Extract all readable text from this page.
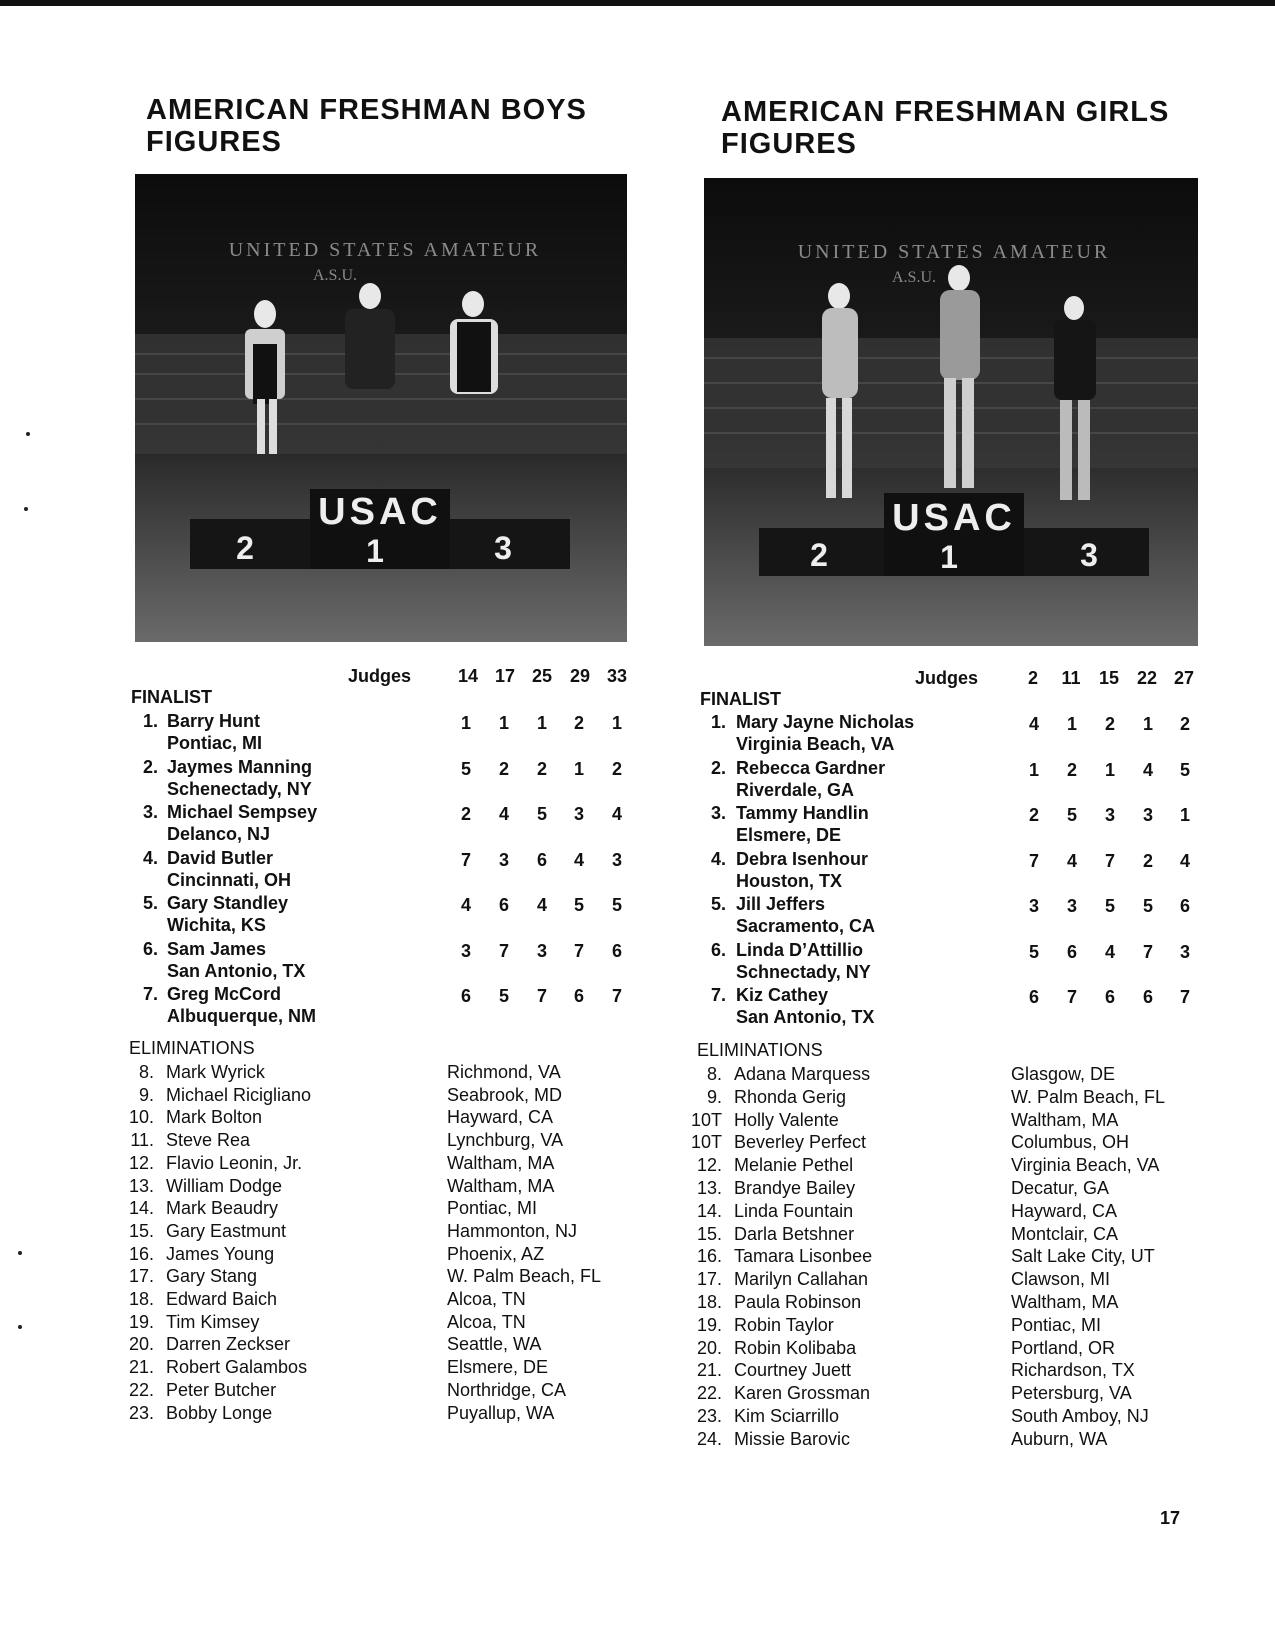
AMERICAN FRESHMAN BOYS
FIGURES
UNITED STATES AMATEUR
A.S.U.
USAC
2	1	3
Judges	14 17 25 29 33
FINALIST
1. Barry Hunt
Pontiac, MI
1	1	1	2	1
2. Jaymes Manning
Schenectady, NY
5	2	2	1	2
3. Michael Sempsey
Delanco, NJ
2	4	5	3	4
4. David Butler
Cincinnati, OH
7	3	6	4	3
5. Gary Standley
Wichita, KS
4	6	4	5	5
6. Sam James
San Antonio, TX
3	7	3	7	6
7. Greg McCord
Albuquerque, NM
6	5	7	6	7
ELIMINATIONS
8. Mark Wyrick	Richmond, VA
9. Michael Ricigliano	Seabrook, MD
10. Mark Bolton	Hayward, CA
11. Steve Rea	Lynchburg, VA
12. Flavio Leonin, Jr.	Waltham, MA
13. William Dodge	Waltham, MA
14. Mark Beaudry	Pontiac, MI
15. Gary Eastmunt	Hammonton, NJ
16. James Young	Phoenix, AZ
17. Gary Stang	W. Palm Beach, FL
18. Edward Baich	Alcoa, TN
19. Tim Kimsey	Alcoa, TN
20. Darren Zeckser	Seattle, WA
21. Robert Galambos	Elsmere, DE
22. Peter Butcher	Northridge, CA
23. Bobby Longe	Puyallup, WA
AMERICAN FRESHMAN GIRLS
FIGURES
UNITED STATES AMATEUR
A.S.U.
USAC
2	1	3
Judges	2	11	15 22 27
FINALIST
1. Mary Jayne Nicholas
Virginia Beach, VA
4	1	2	1	2
2. Rebecca Gardner
Riverdale, GA
1	2	1	4	5
3. Tammy Handlin
Elsmere, DE
2	5	3	3	1
4. Debra Isenhour
Houston, TX
7	4	7	2	4
5. Jill Jeffers
Sacramento, CA
3	3	5	5	6
6. Linda D’Attillio
Schnectady, NY
5	6	4	7	3
7. Kiz Cathey
San Antonio, TX
6	7	6	6	7
ELIMINATIONS
8. Adana Marquess	Glasgow, DE
9. Rhonda Gerig	W. Palm Beach, FL
10T Holly Valente	Waltham, MA
10T Beverley Perfect	Columbus, OH
12. Melanie Pethel	Virginia Beach, VA
13. Brandye Bailey	Decatur, GA
14. Linda Fountain	Hayward, CA
15. Darla Betshner	Montclair, CA
16. Tamara Lisonbee	Salt Lake City, UT
17. Marilyn Callahan	Clawson, MI
18. Paula Robinson	Waltham, MA
19. Robin Taylor	Pontiac, MI
20. Robin Kolibaba	Portland, OR
21. Courtney Juett	Richardson, TX
22. Karen Grossman	Petersburg, VA
23. Kim Sciarrillo	South Amboy, NJ
24. Missie Barovic	Auburn, WA
17
